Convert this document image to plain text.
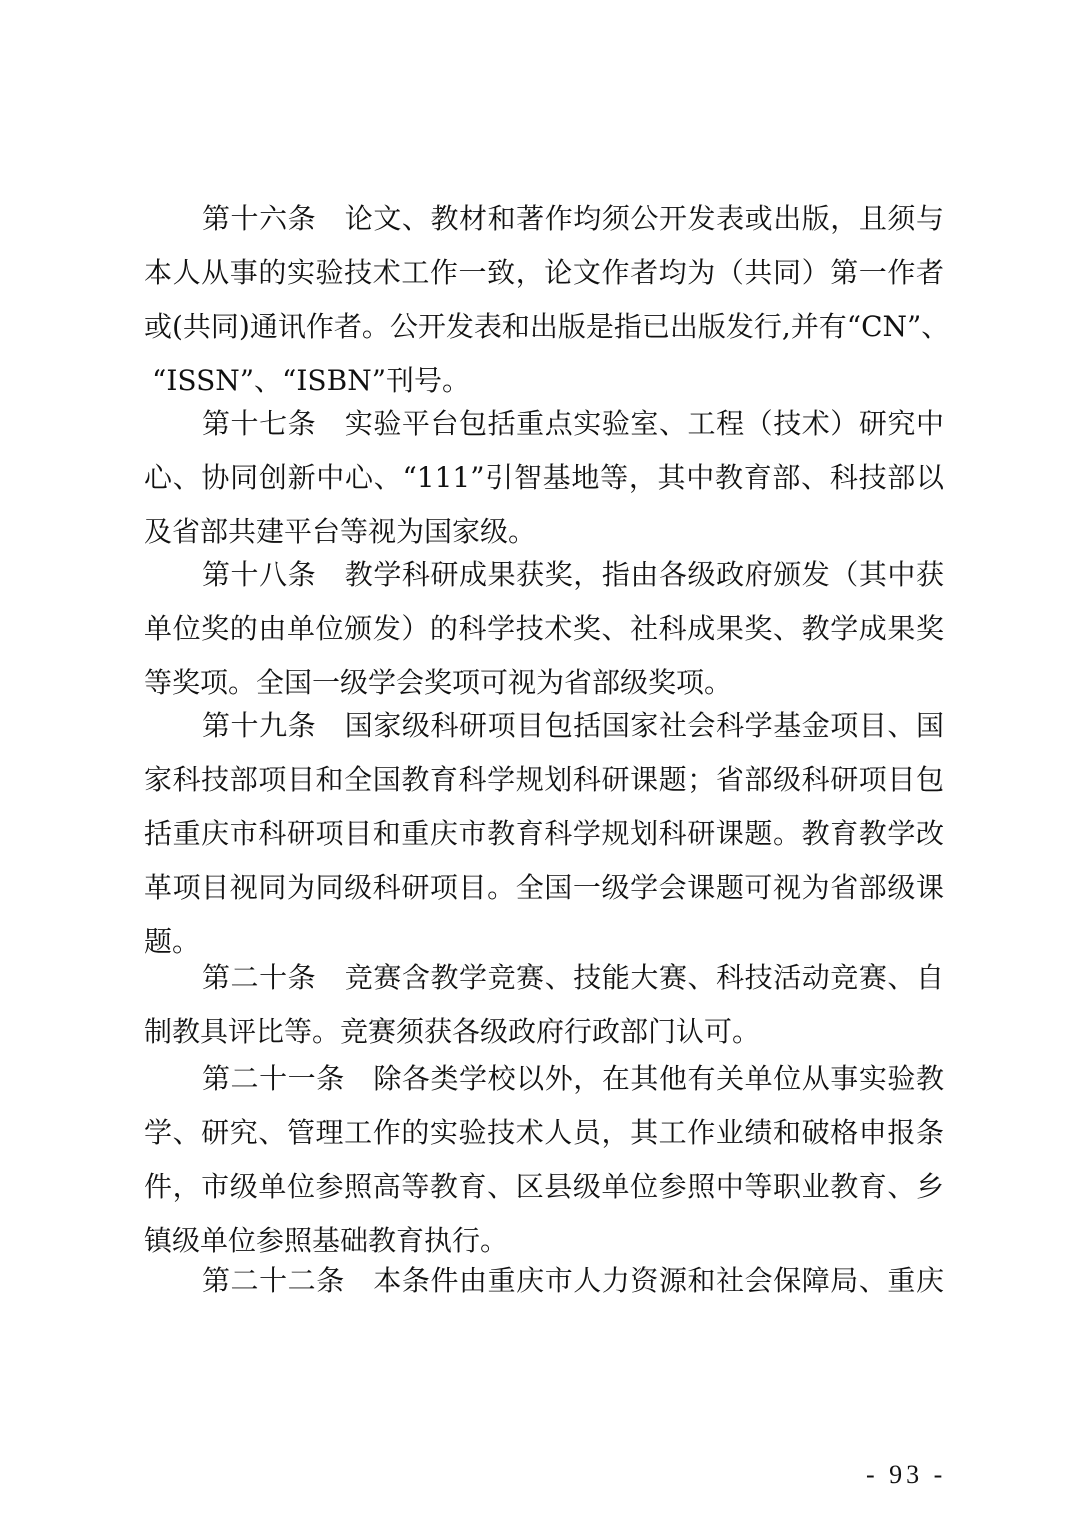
第十六条　论文、教材和著作均须公开发表或出版，且须与
本人从事的实验技术工作一致，论文作者均为（共同）第一作者
或(共同)通讯作者。公开发表和出版是指已出版发行,并有“CN”、
“ISSN”、“ISBN”刊号。
第十七条　实验平台包括重点实验室、工程（技术）研究中
心、协同创新中心、“111”引智基地等，其中教育部、科技部以
及省部共建平台等视为国家级。
第十八条　教学科研成果获奖，指由各级政府颁发（其中获
单位奖的由单位颁发）的科学技术奖、社科成果奖、教学成果奖
等奖项。全国一级学会奖项可视为省部级奖项。
第十九条　国家级科研项目包括国家社会科学基金项目、国
家科技部项目和全国教育科学规划科研课题；省部级科研项目包
括重庆市科研项目和重庆市教育科学规划科研课题。教育教学改
革项目视同为同级科研项目。全国一级学会课题可视为省部级课
题。
第二十条　竞赛含教学竞赛、技能大赛、科技活动竞赛、自
制教具评比等。竞赛须获各级政府行政部门认可。
第二十一条　除各类学校以外，在其他有关单位从事实验教
学、研究、管理工作的实验技术人员，其工作业绩和破格申报条
件，市级单位参照高等教育、区县级单位参照中等职业教育、乡
镇级单位参照基础教育执行。
第二十二条　本条件由重庆市人力资源和社会保障局、重庆
- 93 -
